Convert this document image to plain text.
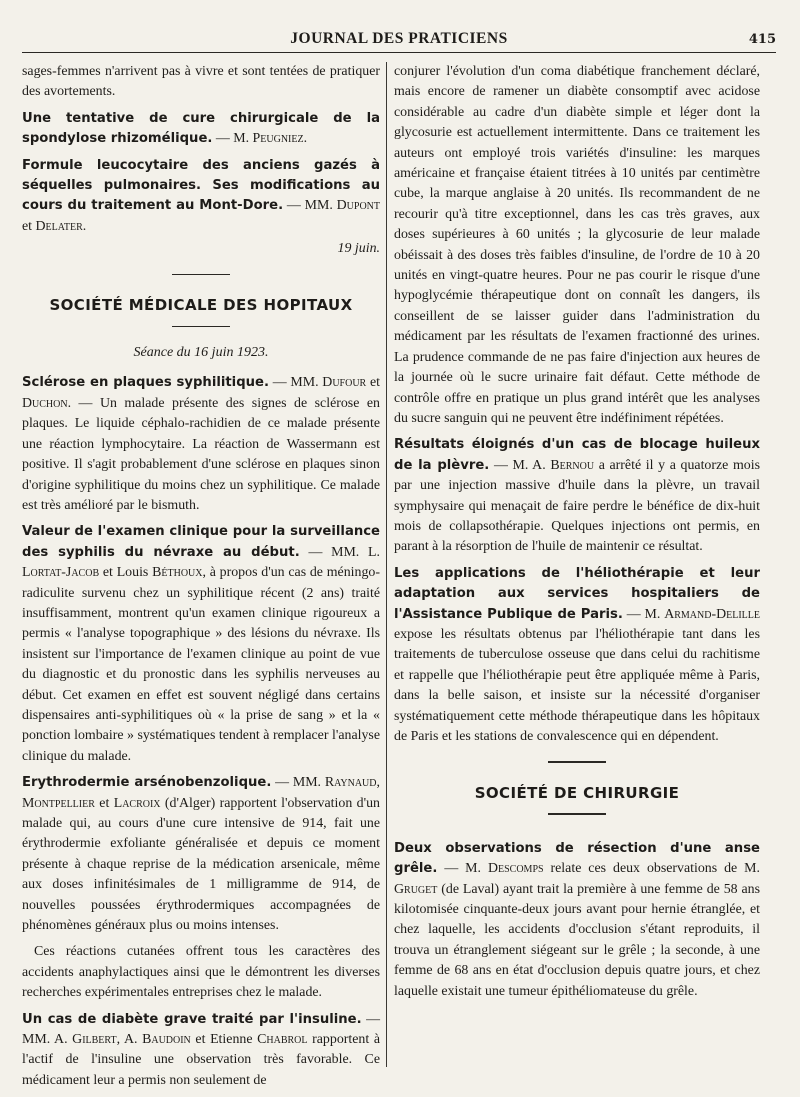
JOURNAL DES PRATICIENS	415

sages-femmes n'arrivent pas à vivre et sont tentées de pratiquer des avortements.

Une tentative de cure chirurgicale de la spondylose rhizomélique. — M. Peugniez.

Formule leucocytaire des anciens gazés à séquelles pulmonaires. Ses modifications au cours du traitement au Mont-Dore. — MM. Dupont et Delater.

19 juin.

SOCIÉTÉ MÉDICALE DES HOPITAUX
Séance du 16 juin 1923.

Sclérose en plaques syphilitique. — MM. Dufour et Duchon. — Un malade présente des signes de sclérose en plaques. Le liquide céphalo-rachidien de ce malade présente une réaction lymphocytaire. La réaction de Wassermann est positive. Il s'agit probablement d'une sclérose en plaques sinon d'origine syphilitique du moins chez un syphilitique. Ce malade est très amélioré par le bismuth.

Valeur de l'examen clinique pour la surveillance des syphilis du névraxe au début. — MM. L. Lortat-Jacob et Louis Béthoux, à propos d'un cas de méningo-radiculite survenu chez un syphilitique récent (2 ans) traité insuffisamment, montrent qu'un examen clinique rigoureux a permis « l'analyse topographique » des lésions du névraxe. Ils insistent sur l'importance de l'examen clinique au point de vue du diagnostic et du pronostic dans les syphilis nerveuses au début. Cet examen en effet est souvent négligé dans certains dispensaires anti-syphilitiques où « la prise de sang » et la « ponction lombaire » systématiques tendent à remplacer l'analyse clinique du malade.

Erythrodermie arsénobenzolique. — MM. Raynaud, Montpellier et Lacroix (d'Alger) rapportent l'observation d'un malade qui, au cours d'une cure intensive de 914, fait une érythrodermie exfoliante généralisée et depuis ce moment présente à chaque reprise de la médication arsenicale, même aux doses infinitésimales de 1 milligramme de 914, de nouvelles poussées érythrodermiques accompagnées de phénomènes généraux plus ou moins intenses.

Ces réactions cutanées offrent tous les caractères des accidents anaphylactiques ainsi que le démontrent les diverses recherches expérimentales entreprises chez le malade.

Un cas de diabète grave traité par l'insuline. — MM. A. Gilbert, A. Baudoin et Etienne Chabrol rapportent à l'actif de l'insuline une observation très favorable. Ce médicament leur a permis non seulement de

conjurer l'évolution d'un coma diabétique franchement déclaré, mais encore de ramener un diabète consomptif avec acidose considérable au cadre d'un diabète simple et léger dont la glycosurie est actuellement intermittente. Dans ce traitement les auteurs ont employé trois variétés d'insuline: les marques américaine et française étaient titrées à 10 unités par centimètre cube, la marque anglaise à 20 unités. Ils recommandent de ne recourir qu'à titre exceptionnel, dans les cas très graves, aux doses supérieures à 60 unités ; la glycosurie de leur malade obéissait à des doses très faibles d'insuline, de l'ordre de 10 à 20 unités en vingt-quatre heures. Pour ne pas courir le risque d'une hypoglycémie thérapeutique dont on connaît les dangers, ils conseillent de se laisser guider dans l'administration du médicament par les résultats de l'examen fractionné des urines. La prudence commande de ne pas faire d'injection aux heures de la journée où le sucre urinaire fait défaut. Cette méthode de contrôle offre en pratique un plus grand intérêt que les analyses du sucre sanguin qui ne peuvent être indéfiniment répétées.

Résultats éloignés d'un cas de blocage huileux de la plèvre. — M. A. Bernou a arrêté il y a quatorze mois par une injection massive d'huile dans la plèvre, un travail symphysaire qui menaçait de faire perdre le bénéfice de dix-huit mois de collapsothérapie. Quelques injections ont permis, en parant à la résorption de l'huile de maintenir ce résultat.

Les applications de l'héliothérapie et leur adaptation aux services hospitaliers de l'Assistance Publique de Paris. — M. Armand-Delille expose les résultats obtenus par l'héliothérapie tant dans les traitements de tuberculose osseuse que dans celui du rachitisme et rappelle que l'héliothérapie peut être appliquée même à Paris, dans la belle saison, et insiste sur la nécessité d'organiser systématiquement cette méthode thérapeutique dans les hôpitaux de Paris et les stations de convalescence qui en dépendent.

SOCIÉTÉ DE CHIRURGIE

Deux observations de résection d'une anse grêle. — M. Descomps relate ces deux observations de M. Gruget (de Laval) ayant trait la première à une femme de 58 ans kilotomisée cinquante-deux jours avant pour hernie étranglée, et chez laquelle, les accidents d'occlusion s'étant reproduits, il trouva un étranglement siégeant sur le grêle ; la seconde, à une femme de 68 ans en état d'occlusion depuis quatre jours, et chez laquelle existait une tumeur épithéliomateuse du grêle.
